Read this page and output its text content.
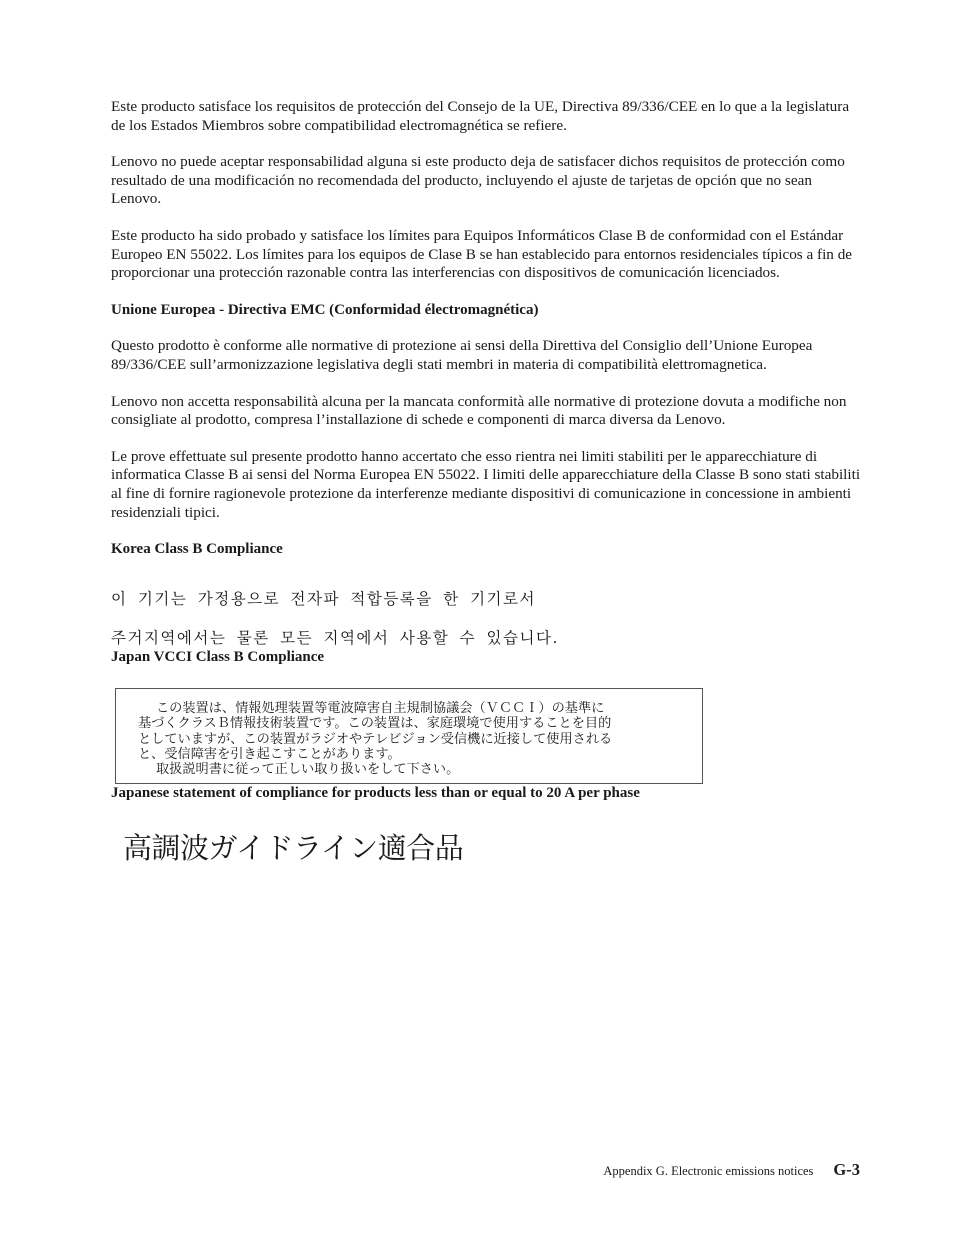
Este producto satisface los requisitos de protección del Consejo de la UE, Directiva 89/336/CEE en lo que a la legislatura de los Estados Miembros sobre compatibilidad electromagnética se refiere.

Lenovo no puede aceptar responsabilidad alguna si este producto deja de satisfacer dichos requisitos de protección como resultado de una modificación no recomendada del producto, incluyendo el ajuste de tarjetas de opción que no sean Lenovo.

Este producto ha sido probado y satisface los límites para Equipos Informáticos Clase B de conformidad con el Estándar Europeo EN 55022. Los límites para los equipos de Clase B se han establecido para entornos residenciales típicos a fin de proporcionar una protección razonable contra las interferencias con dispositivos de comunicación licenciados.

Unione Europea - Directiva EMC (Conformidad électromagnética)

Questo prodotto è conforme alle normative di protezione ai sensi della Direttiva del Consiglio dell’Unione Europea 89/336/CEE sull’armonizzazione legislativa degli stati membri in materia di compatibilità elettromagnetica.

Lenovo non accetta responsabilità alcuna per la mancata conformità alle normative di protezione dovuta a modifiche non consigliate al prodotto, compresa l’installazione di schede e componenti di marca diversa da Lenovo.

Le prove effettuate sul presente prodotto hanno accertato che esso rientra nei limiti stabiliti per le apparecchiature di informatica Classe B ai sensi del Norma Europea EN 55022. I limiti delle apparecchiature della Classe B sono stati stabiliti al fine di fornire ragionevole protezione da interferenze mediante dispositivi di comunicazione in concessione in ambienti residenziali tipici.

Korea Class B Compliance

이 기기는 가정용으로 전자파 적합등록을 한 기기로서

주거지역에서는 물론 모든 지역에서 사용할 수 있습니다.

Japan VCCI Class B Compliance
この装置は、情報処理装置等電波障害自主規制協議会（ＶＣＣＩ）の基準に
基づくクラスＢ情報技術装置です。この装置は、家庭環境で使用することを目的
としていますが、この装置がラジオやテレビジョン受信機に近接して使用される
と、受信障害を引き起こすことがあります。
取扱説明書に従って正しい取り扱いをして下さい。
Japanese statement of compliance for products less than or equal to 20 A per phase
高調波ガイドライン適合品
Appendix G. Electronic emissions notices G-3
